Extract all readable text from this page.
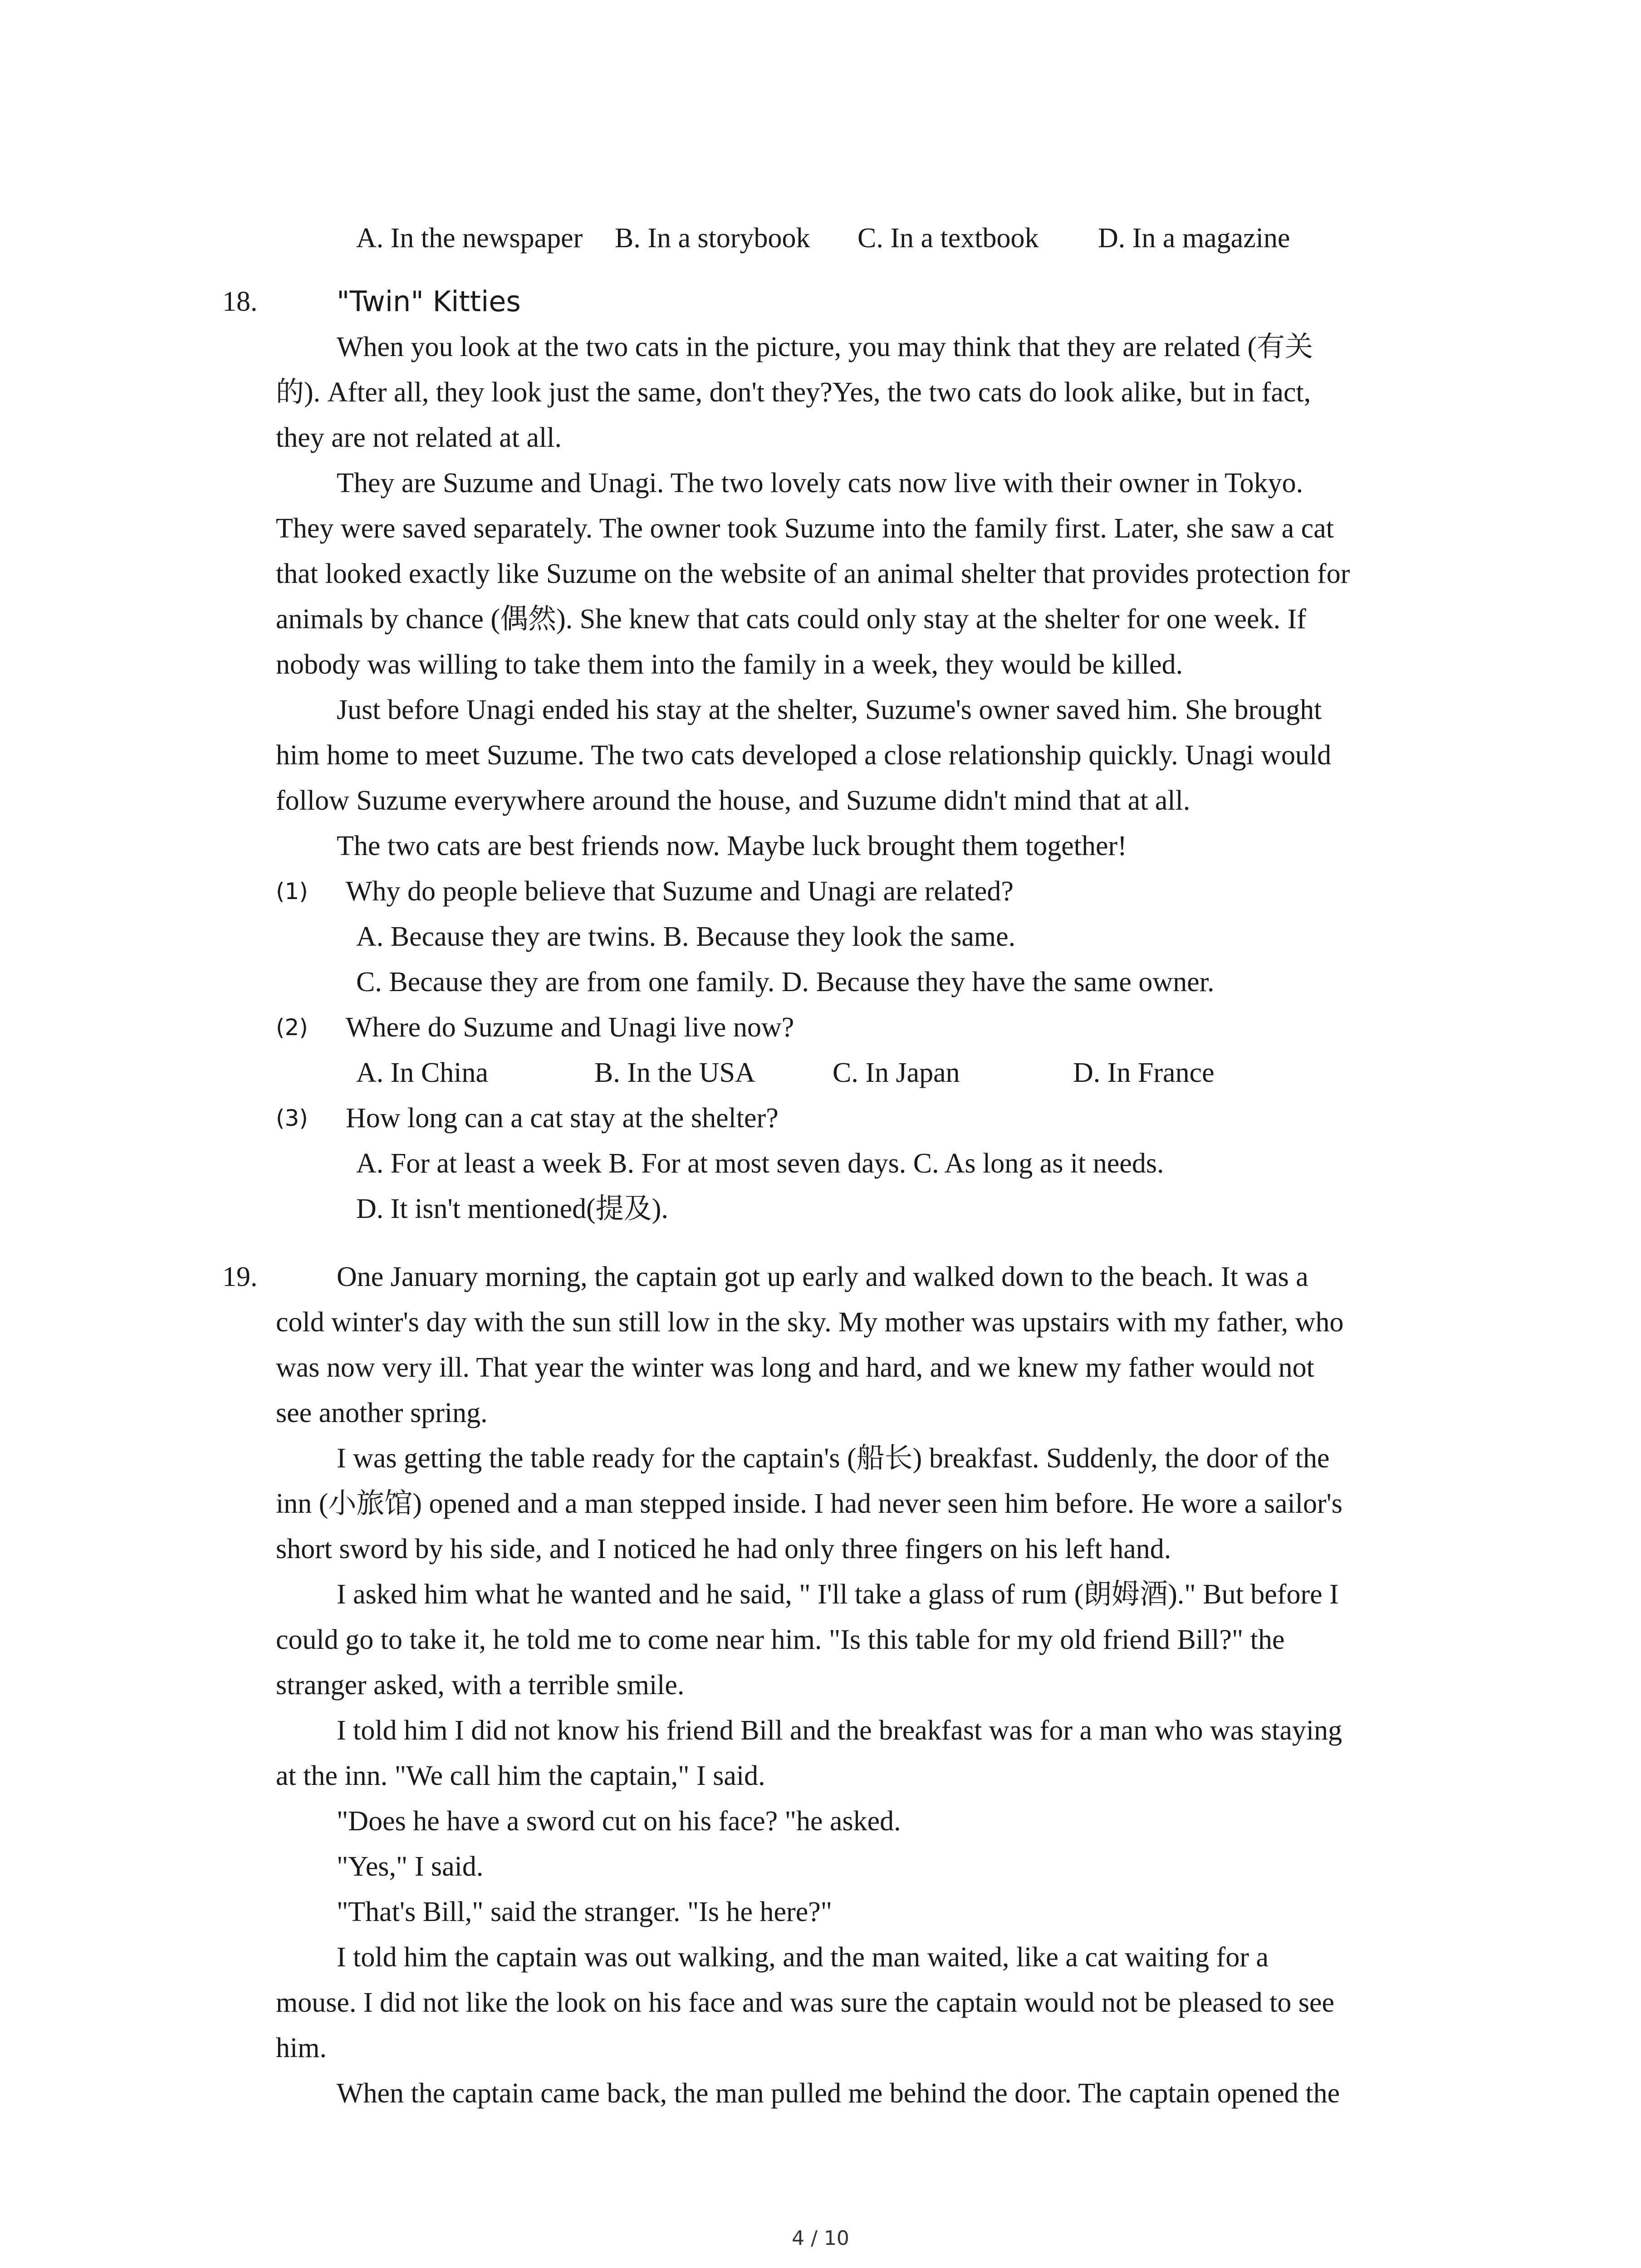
A. In the newspaper B. In a storybook C. In a textbook D. In a magazine
18.	"Twin" Kitties
When you look at the two cats in the picture, you may think that they are related (有关
的). After all, they look just the same, don't they?Yes, the two cats do look alike, but in fact,
they are not related at all.
They are Suzume and Unagi. The two lovely cats now live with their owner in Tokyo.
They were saved separately. The owner took Suzume into the family first. Later, she saw a cat
that looked exactly like Suzume on the website of an animal shelter that provides protection for
animals by chance (偶然). She knew that cats could only stay at the shelter for one week. If
nobody was willing to take them into the family in a week, they would be killed.
Just before Unagi ended his stay at the shelter, Suzume's owner saved him. She brought
him home to meet Suzume. The two cats developed a close relationship quickly. Unagi would
follow Suzume everywhere around the house, and Suzume didn't mind that at all.
The two cats are best friends now. Maybe luck brought them together!
(1) Why do people believe that Suzume and Unagi are related?
A. Because they are twins. B. Because they look the same.
C. Because they are from one family. D. Because they have the same owner.
(2) Where do Suzume and Unagi live now?
A. In China	B. In the USA	C. In Japan	D. In France
(3) How long can a cat stay at the shelter?
A. For at least a week B. For at most seven days. C. As long as it needs.
D. It isn't mentioned(提及).
19.	One January morning, the captain got up early and walked down to the beach. It was a
cold winter's day with the sun still low in the sky. My mother was upstairs with my father, who
was now very ill. That year the winter was long and hard, and we knew my father would not
see another spring.
I was getting the table ready for the captain's (船长) breakfast. Suddenly, the door of the
inn (小旅馆) opened and a man stepped inside. I had never seen him before. He wore a sailor's
short sword by his side, and I noticed he had only three fingers on his left hand.
I asked him what he wanted and he said, " I'll take a glass of rum (朗姆酒)." But before I
could go to take it, he told me to come near him. "Is this table for my old friend Bill?" the
stranger asked, with a terrible smile.
I told him I did not know his friend Bill and the breakfast was for a man who was staying
at the inn. "We call him the captain," I said.
"Does he have a sword cut on his face? "he asked.
"Yes," I said.
"That's Bill," said the stranger. "Is he here?"
I told him the captain was out walking, and the man waited, like a cat waiting for a
mouse. I did not like the look on his face and was sure the captain would not be pleased to see
him.
When the captain came back, the man pulled me behind the door. The captain opened the
4 / 10
